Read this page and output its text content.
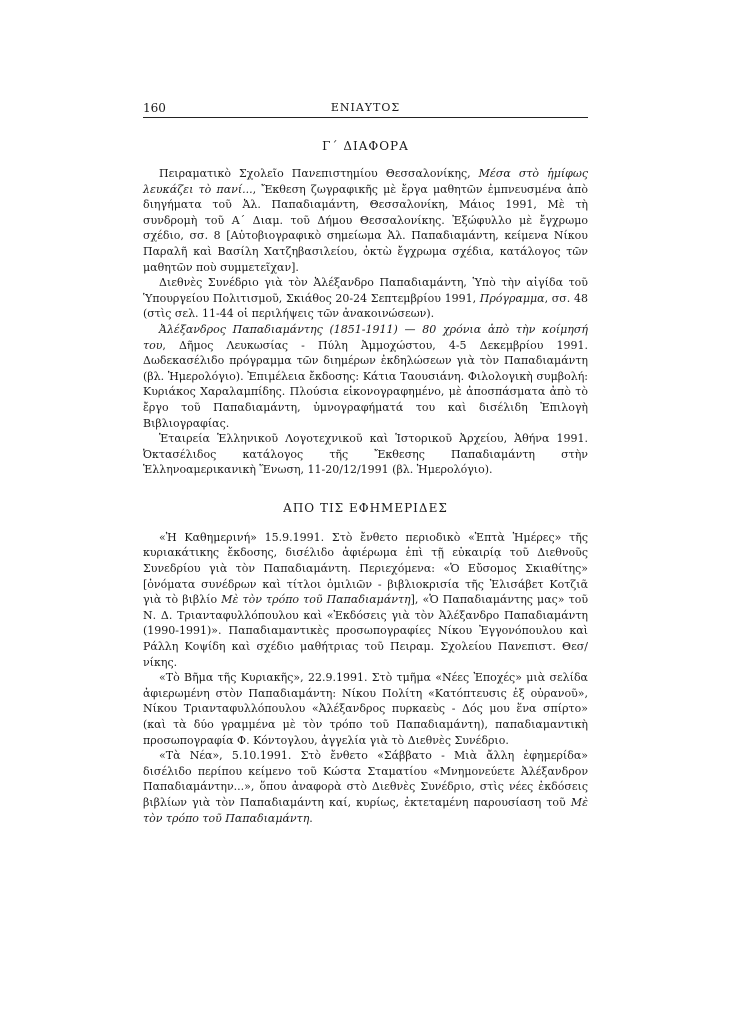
160	ΕΝΙΑΥΤΟΣ
Γ´ ΔΙΑΦΟΡΑ

Πειραματικὸ Σχολεῖο Πανεπιστημίου Θεσσαλονίκης, Μέσα στὸ ἡμίφως λευκάζει τὸ πανί..., Ἔκθεση ζωγραφικῆς μὲ ἔργα μαθητῶν ἐμπνευσμένα ἀπὸ διηγήματα τοῦ Ἀλ. Παπαδιαμάντη, Θεσσαλονίκη, Μάιος 1991, Μὲ τὴ συνδρομὴ τοῦ Α´ Διαμ. τοῦ Δήμου Θεσσαλονίκης. Ἐξώφυλλο μὲ ἔγχρωμο σχέδιο, σσ. 8 [Αὐτοβιογραφικὸ σημείωμα Ἀλ. Παπαδιαμάντη, κείμενα Νίκου Παραλῆ καὶ Βασίλη Χατζηβασιλείου, ὀκτὼ ἔγχρωμα σχέδια, κατάλογος τῶν μαθητῶν ποὺ συμμετεῖχαν].

Διεθνὲς Συνέδριο γιὰ τὸν Ἀλέξανδρο Παπαδιαμάντη, Ὑπὸ τὴν αἰγίδα τοῦ Ὑπουργείου Πολιτισμοῦ, Σκιάθος 20-24 Σεπτεμβρίου 1991, Πρόγραμμα, σσ. 48 (στὶς σελ. 11-44 οἱ περιλήψεις τῶν ἀνακοινώσεων).

Ἀλέξανδρος Παπαδιαμάντης (1851-1911) — 80 χρόνια ἀπὸ τὴν κοίμησή του, Δῆμος Λευκωσίας - Πύλη Ἀμμοχώστου, 4-5 Δεκεμβρίου 1991. Δωδεκασέλιδο πρόγραμμα τῶν διημέρων ἐκδηλώσεων γιὰ τὸν Παπαδιαμάντη (βλ. Ἡμερολόγιο). Ἐπιμέλεια ἔκδοσης: Κάτια Ταουσιάνη. Φιλολογικὴ συμβολή: Κυριάκος Χαραλαμπίδης. Πλούσια εἰκονογραφημένο, μὲ ἀποσπάσματα ἀπὸ τὸ ἔργο τοῦ Παπαδιαμάντη, ὑμνογραφήματά του καὶ δισέλιδη Ἐπιλογὴ Βιβλιογραφίας.

Ἑταιρεία Ἑλληνικοῦ Λογοτεχνικοῦ καὶ Ἱστορικοῦ Ἀρχείου, Ἀθήνα 1991. Ὀκτασέλιδος κατάλογος τῆς Ἔκθεσης Παπαδιαμάντη στὴν Ἑλληνοαμερικανικὴ Ἕνωση, 11-20/12/1991 (βλ. Ἡμερολόγιο).

ΑΠΟ ΤΙΣ ΕΦΗΜΕΡΙΔΕΣ

«Ἡ Καθημερινή» 15.9.1991. Στὸ ἔνθετο περιοδικὸ «Ἑπτὰ Ἡμέρες» τῆς κυριακάτικης ἔκδοσης, δισέλιδο ἀφιέρωμα ἐπὶ τῇ εὐκαιρίᾳ τοῦ Διεθνοῦς Συνεδρίου γιὰ τὸν Παπαδιαμάντη. Περιεχόμενα: «Ὁ Εὔσομος Σκιαθίτης» [ὀνόματα συνέδρων καὶ τίτλοι ὁμιλιῶν - βιβλιοκρισία τῆς Ἐλισάβετ Κοτζιᾶ γιὰ τὸ βιβλίο Μὲ τὸν τρόπο τοῦ Παπαδιαμάντη], «Ὁ Παπαδιαμάντης μας» τοῦ Ν. Δ. Τριανταφυλλόπουλου καὶ «Ἐκδόσεις γιὰ τὸν Ἀλέξανδρο Παπαδιαμάντη (1990-1991)». Παπαδιαμαντικὲς προσωπογραφίες Νίκου Ἐγγονόπουλου καὶ Ράλλη Κοψίδη καὶ σχέδιο μαθήτριας τοῦ Πειραμ. Σχολείου Πανεπιστ. Θεσ/νίκης.

«Τὸ Βῆμα τῆς Κυριακῆς», 22.9.1991. Στὸ τμῆμα «Νέες Ἐποχές» μιὰ σελίδα ἀφιερωμένη στὸν Παπαδιαμάντη: Νίκου Πολίτη «Κατόπτευσις ἐξ οὐρανοῦ», Νίκου Τριανταφυλλόπουλου «Ἀλέξανδρος πυρκαεὺς - Δός μου ἕνα σπίρτο» (καὶ τὰ δύο γραμμένα μὲ τὸν τρόπο τοῦ Παπαδιαμάντη), παπαδιαμαντικὴ προσωπογραφία Φ. Κόντογλου, ἀγγελία γιὰ τὸ Διεθνὲς Συνέδριο.

«Τὰ Νέα», 5.10.1991. Στὸ ἔνθετο «Σάββατο - Μιὰ ἄλλη ἐφημερίδα» δισέλιδο περίπου κείμενο τοῦ Κώστα Σταματίου «Μνημονεύετε Ἀλέξανδρον Παπαδιαμάντην...», ὅπου ἀναφορὰ στὸ Διεθνὲς Συνέδριο, στὶς νέες ἐκδόσεις βιβλίων γιὰ τὸν Παπαδιαμάντη καί, κυρίως, ἐκτεταμένη παρουσίαση τοῦ Μὲ τὸν τρόπο τοῦ Παπαδιαμάντη.
